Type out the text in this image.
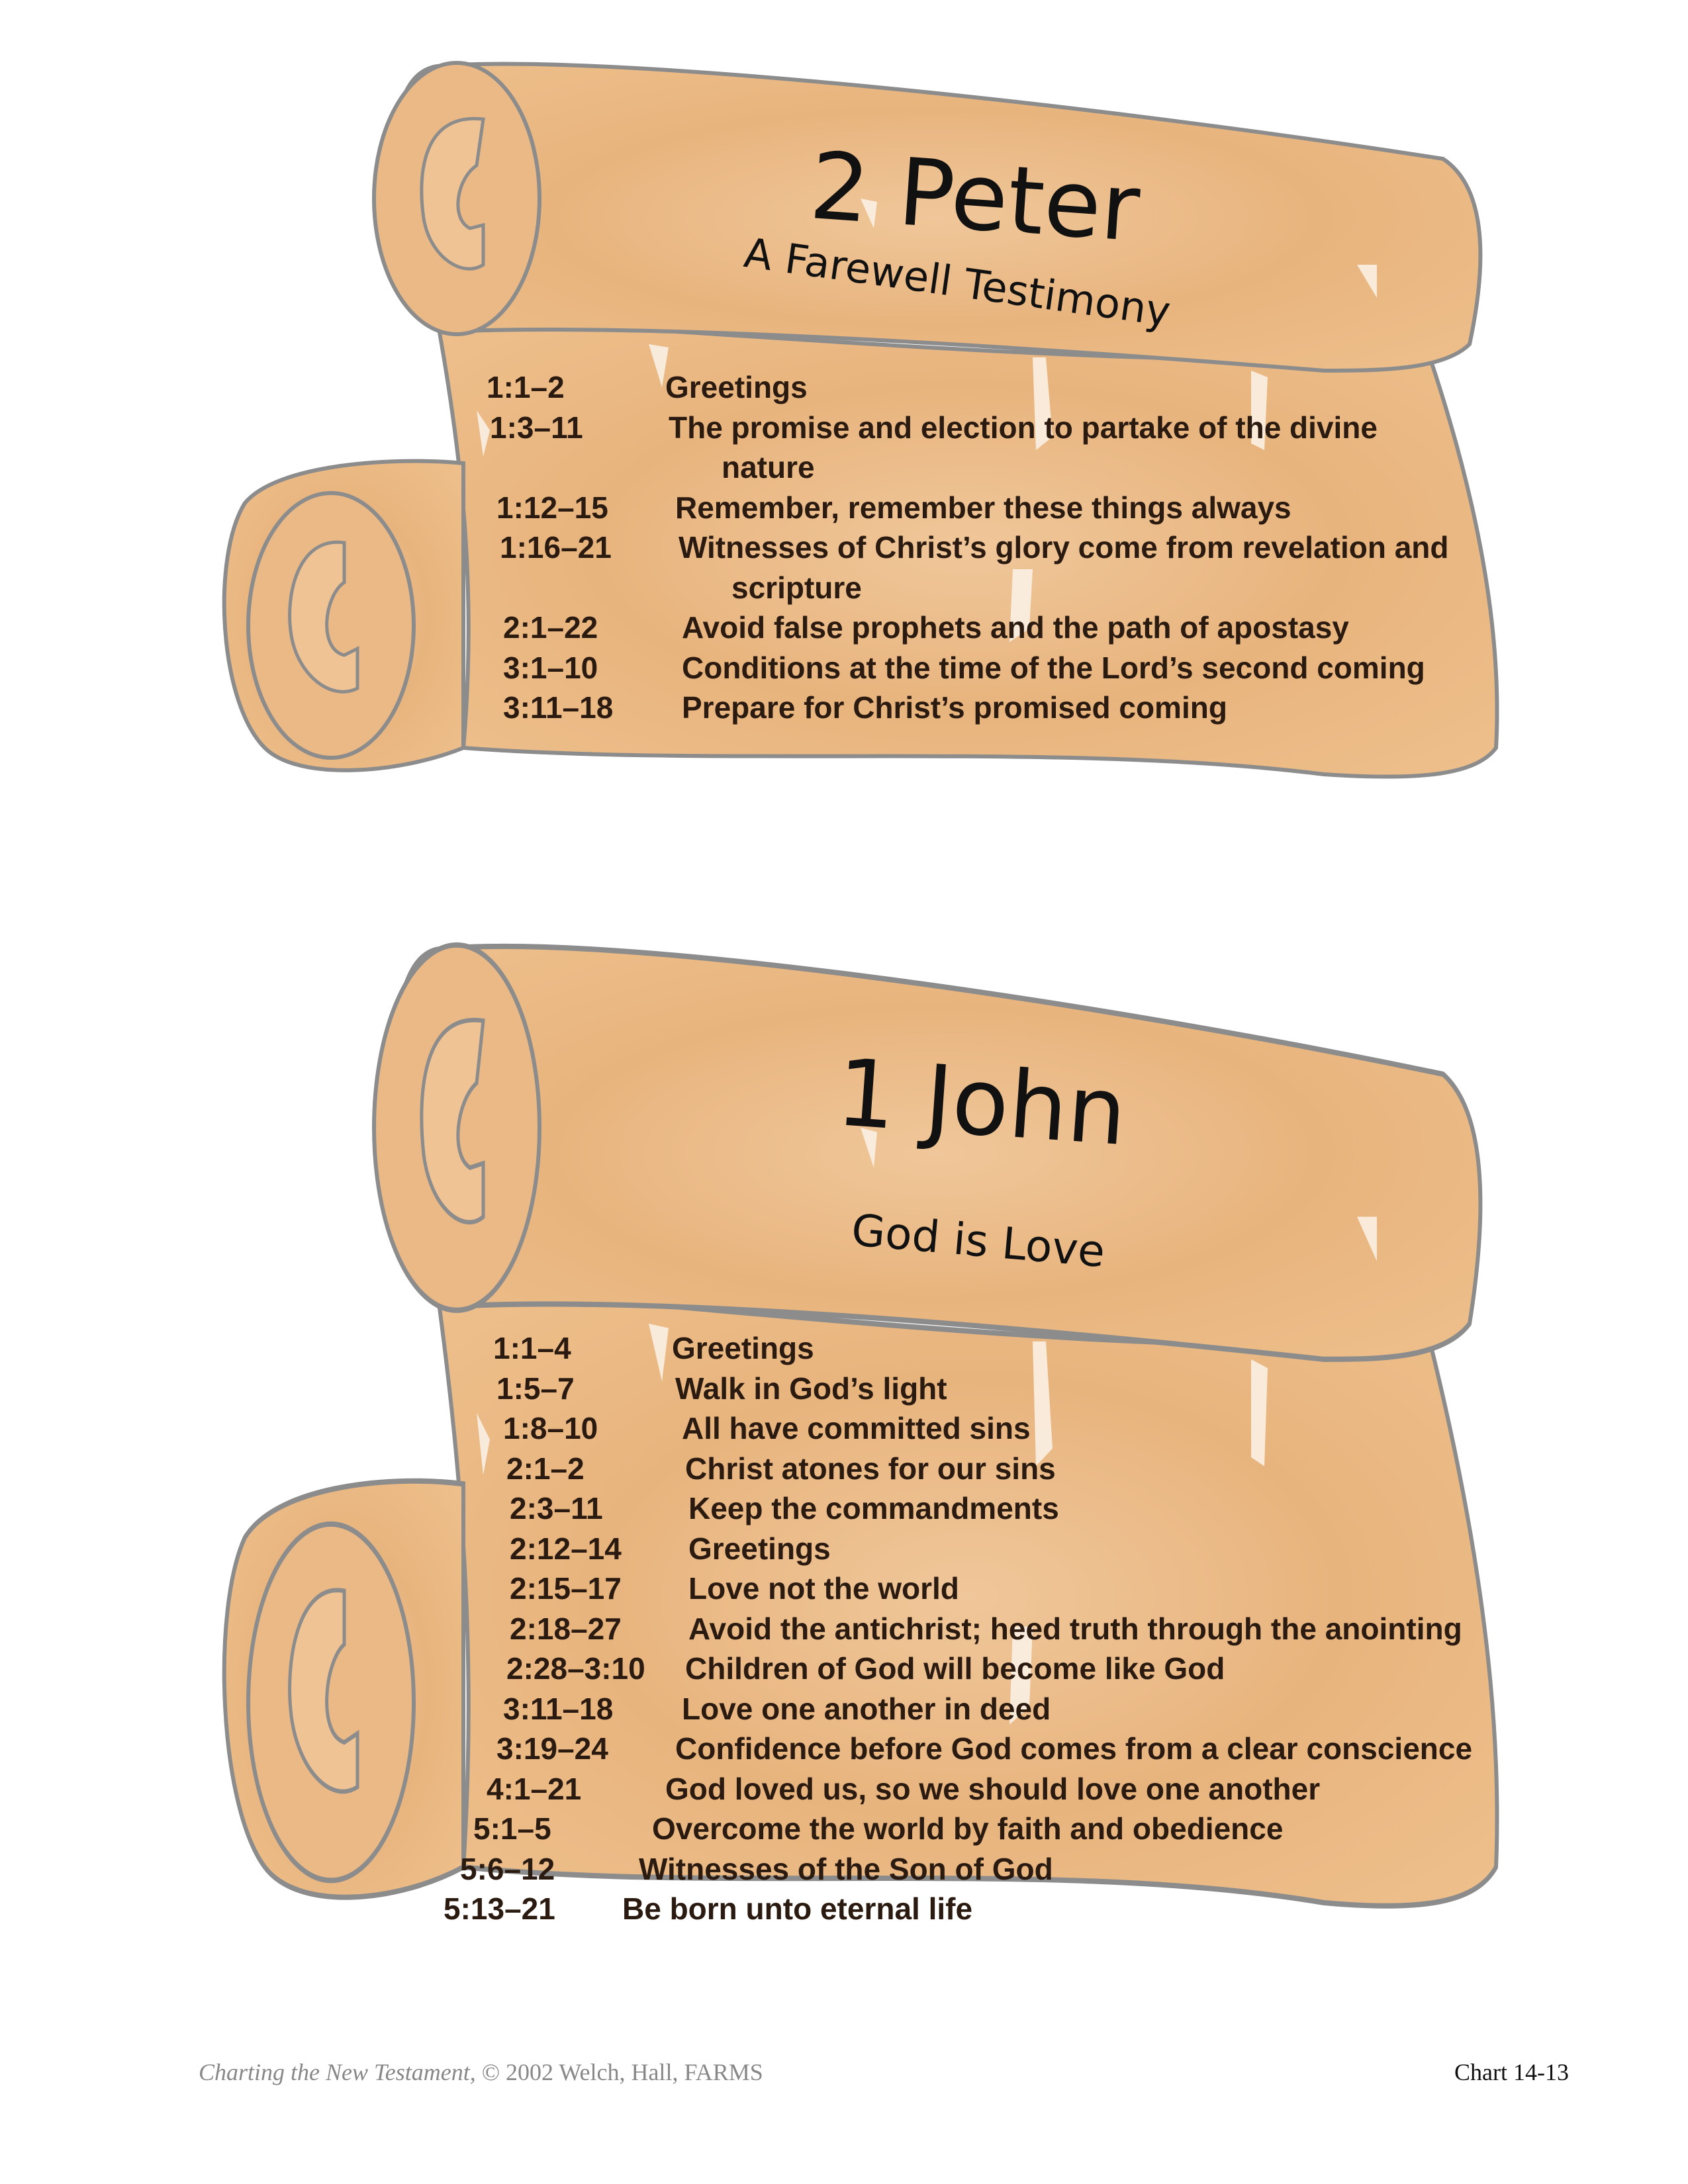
2 Peter
A Farewell Testimony
1:1–2	Greetings
1:3–11	The promise and election to partake of the divine
nature
1:12–15 Remember, remember these things always
1:16–21 Witnesses of Christ’s glory come from revelation and
scripture
2:1–22	Avoid false prophets and the path of apostasy
3:1–10	Conditions at the time of the Lord’s second coming
3:11–18 Prepare for Christ’s promised coming
1 John
God is Love
1:1–4	Greetings
1:5–7	Walk in God’s light
1:8–10	All have committed sins
2:1–2	Christ atones for our sins
2:3–11	Keep the commandments
2:12–14 Greetings
2:15–17 Love not the world
2:18–27 Avoid the antichrist; heed truth through the anointing
2:28–3:10 Children of God will become like God
3:11–18 Love one another in deed
3:19–24 Confidence before God comes from a clear conscience
4:1–21	God loved us, so we should love one another
5:1–5	Overcome the world by faith and obedience
5:6–12	Witnesses of the Son of God
5:13–21 Be born unto eternal life
Charting the New Testament, © 2002 Welch, Hall, FARMS	Chart 14-13
